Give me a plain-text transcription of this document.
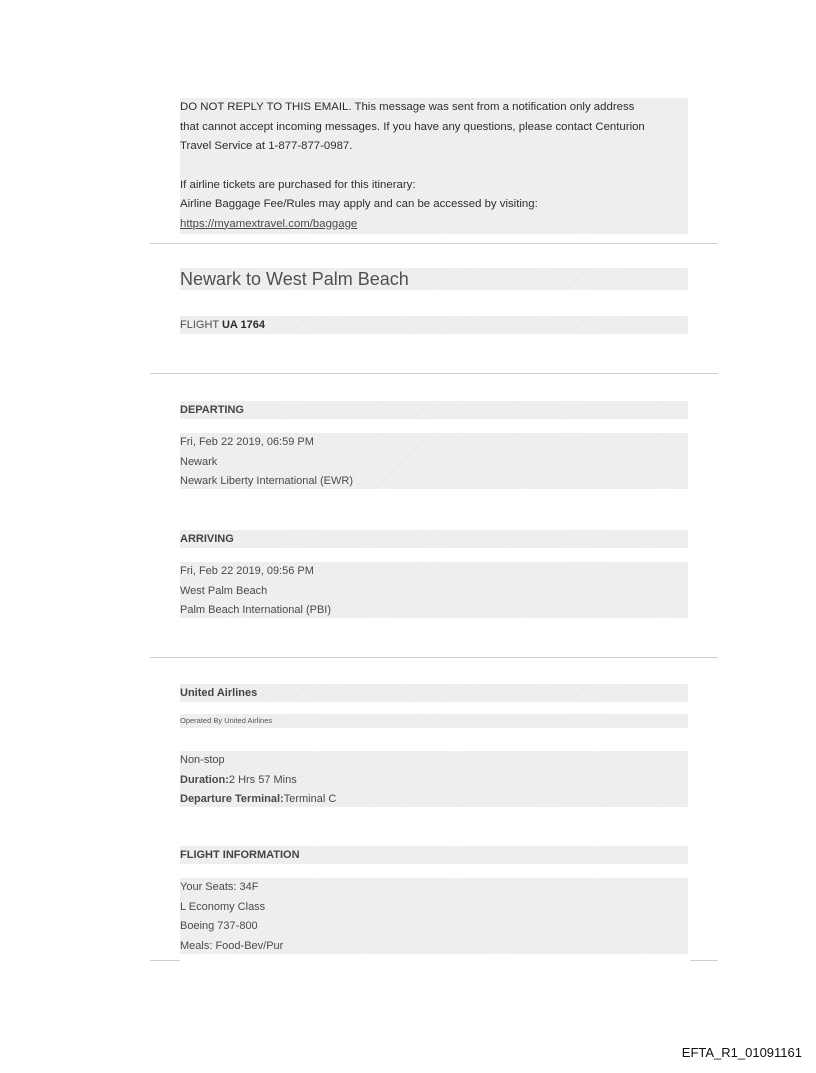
DO NOT REPLY TO THIS EMAIL. This message was sent from a notification only address

that cannot accept incoming messages. If you have any questions, please contact Centurion

Travel Service at 1-877-877-0987.

If airline tickets are purchased for this itinerary:

Airline Baggage Fee/Rules may apply and can be accessed by visiting:

https://myamextravel.com/baggage

Newark to West Palm Beach
FLIGHT UA 1764
DEPARTING
Fri, Feb 22 2019, 06:59 PM
Newark
Newark Liberty International (EWR)
ARRIVING
Fri, Feb 22 2019, 09:56 PM
West Palm Beach
Palm Beach International (PBI)
United Airlines
Operated By United Airlines
Non-stop
Duration:2 Hrs 57 Mins
Departure Terminal:Terminal C
FLIGHT INFORMATION
Your Seats: 34F
L Economy Class
Boeing 737-800
Meals: Food-Bev/Pur
EFTA_R1_01091161
